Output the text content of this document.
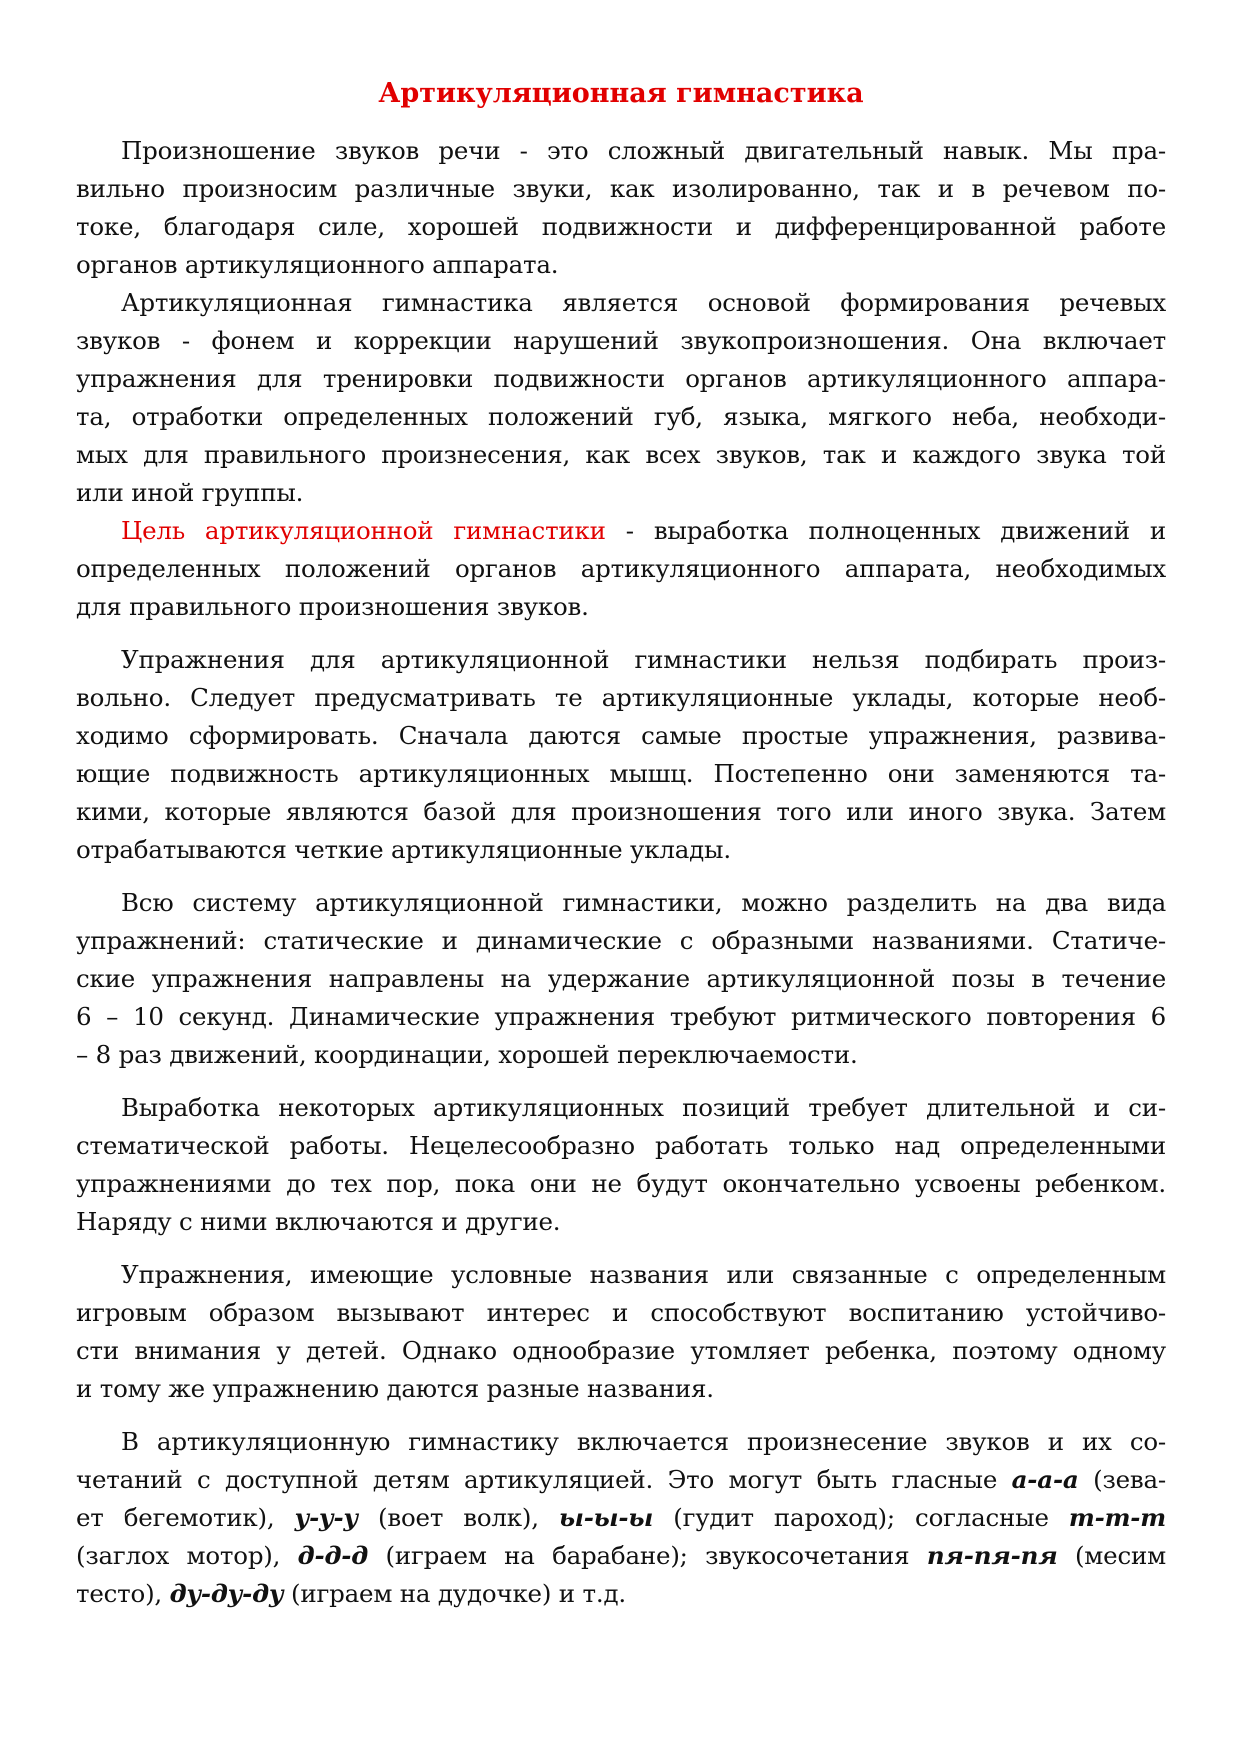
Артикуляционная гимнастика
Произношение звуков речи - это сложный двигательный навык. Мы пра-
вильно произносим различные звуки, как изолированно, так и в речевом по-
токе, благодаря силе, хорошей подвижности и дифференцированной работе
органов артикуляционного аппарата.
Артикуляционная гимнастика является основой формирования речевых
звуков - фонем и коррекции нарушений звукопроизношения. Она включает
упражнения для тренировки подвижности органов артикуляционного аппара-
та, отработки определенных положений губ, языка, мягкого неба, необходи-
мых для правильного произнесения, как всех звуков, так и каждого звука той
или иной группы.
Цель артикуляционной гимнастики - выработка полноценных движений и
определенных положений органов артикуляционного аппарата, необходимых
для правильного произношения звуков.
Упражнения для артикуляционной гимнастики нельзя подбирать произ-
вольно. Следует предусматривать те артикуляционные уклады, которые необ-
ходимо сформировать. Сначала даются самые простые упражнения, развива-
ющие подвижность артикуляционных мышц. Постепенно они заменяются та-
кими, которые являются базой для произношения того или иного звука. Затем
отрабатываются четкие артикуляционные уклады.
Всю систему артикуляционной гимнастики, можно разделить на два вида
упражнений: статические и динамические с образными названиями. Статиче-
ские упражнения направлены на удержание артикуляционной позы в течение
6 – 10 секунд. Динамические упражнения требуют ритмического повторения 6
– 8 раз движений, координации, хорошей переключаемости.
Выработка некоторых артикуляционных позиций требует длительной и си-
стематической работы. Нецелесообразно работать только над определенными
упражнениями до тех пор, пока они не будут окончательно усвоены ребенком.
Наряду с ними включаются и другие.
Упражнения, имеющие условные названия или связанные с определенным
игровым образом вызывают интерес и способствуют воспитанию устойчиво-
сти внимания у детей. Однако однообразие утомляет ребенка, поэтому одному
и тому же упражнению даются разные названия.
В артикуляционную гимнастику включается произнесение звуков и их со-
четаний с доступной детям артикуляцией. Это могут быть гласные а-а-а (зева-
ет бегемотик), у-у-у (воет волк), ы-ы-ы (гудит пароход); согласные т-т-т
(заглох мотор), д-д-д (играем на барабане); звукосочетания пя-пя-пя (месим
тесто), ду-ду-ду (играем на дудочке) и т.д.
